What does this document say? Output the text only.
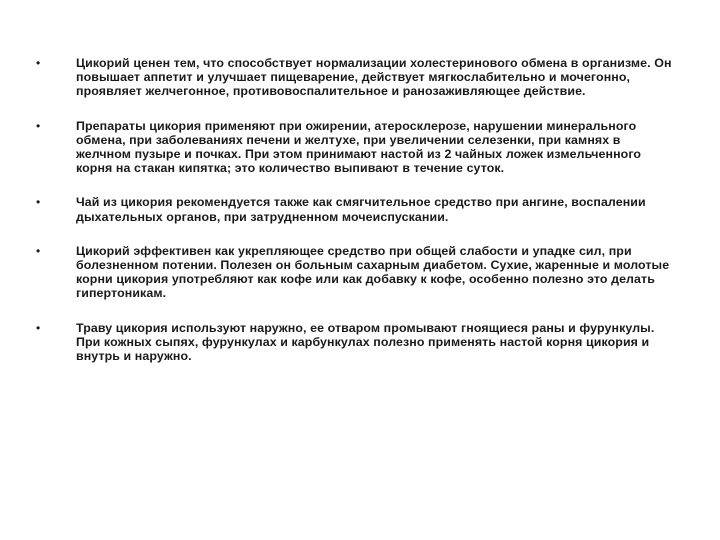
•	Цикорий ценен тем, что способствует нормализации холестеринового обмена в организме. Он повышает аппетит и улучшает пищеварение, действует мягкослабительно и мочегонно, проявляет желчегонное, противовоспалительное и ранозаживляющее действие.
•	Препараты цикория применяют при ожирении, атеросклерозе, нарушении минерального обмена, при заболеваниях печени и желтухе, при увеличении селезенки, при камнях в желчном пузыре и почках. При этом принимают настой из 2 чайных ложек измельченного корня на стакан кипятка; это количество выпивают в течение суток.
•	Чай из цикория рекомендуется также как смягчительное средство при ангине, воспалении дыхательных органов, при затрудненном мочеиспускании.
•	Цикорий эффективен как укрепляющее средство при общей слабости и упадке сил, при болезненном потении. Полезен он больным сахарным диабетом. Сухие, жаренные и молотые корни цикория употребляют как кофе или как добавку к кофе, особенно полезно это делать гипертоникам.
•	Траву цикория используют наружно, ее отваром промывают гноящиеся раны и фурункулы. При кожных сыпях, фурункулах и карбункулах полезно применять настой корня цикория и внутрь и наружно.
